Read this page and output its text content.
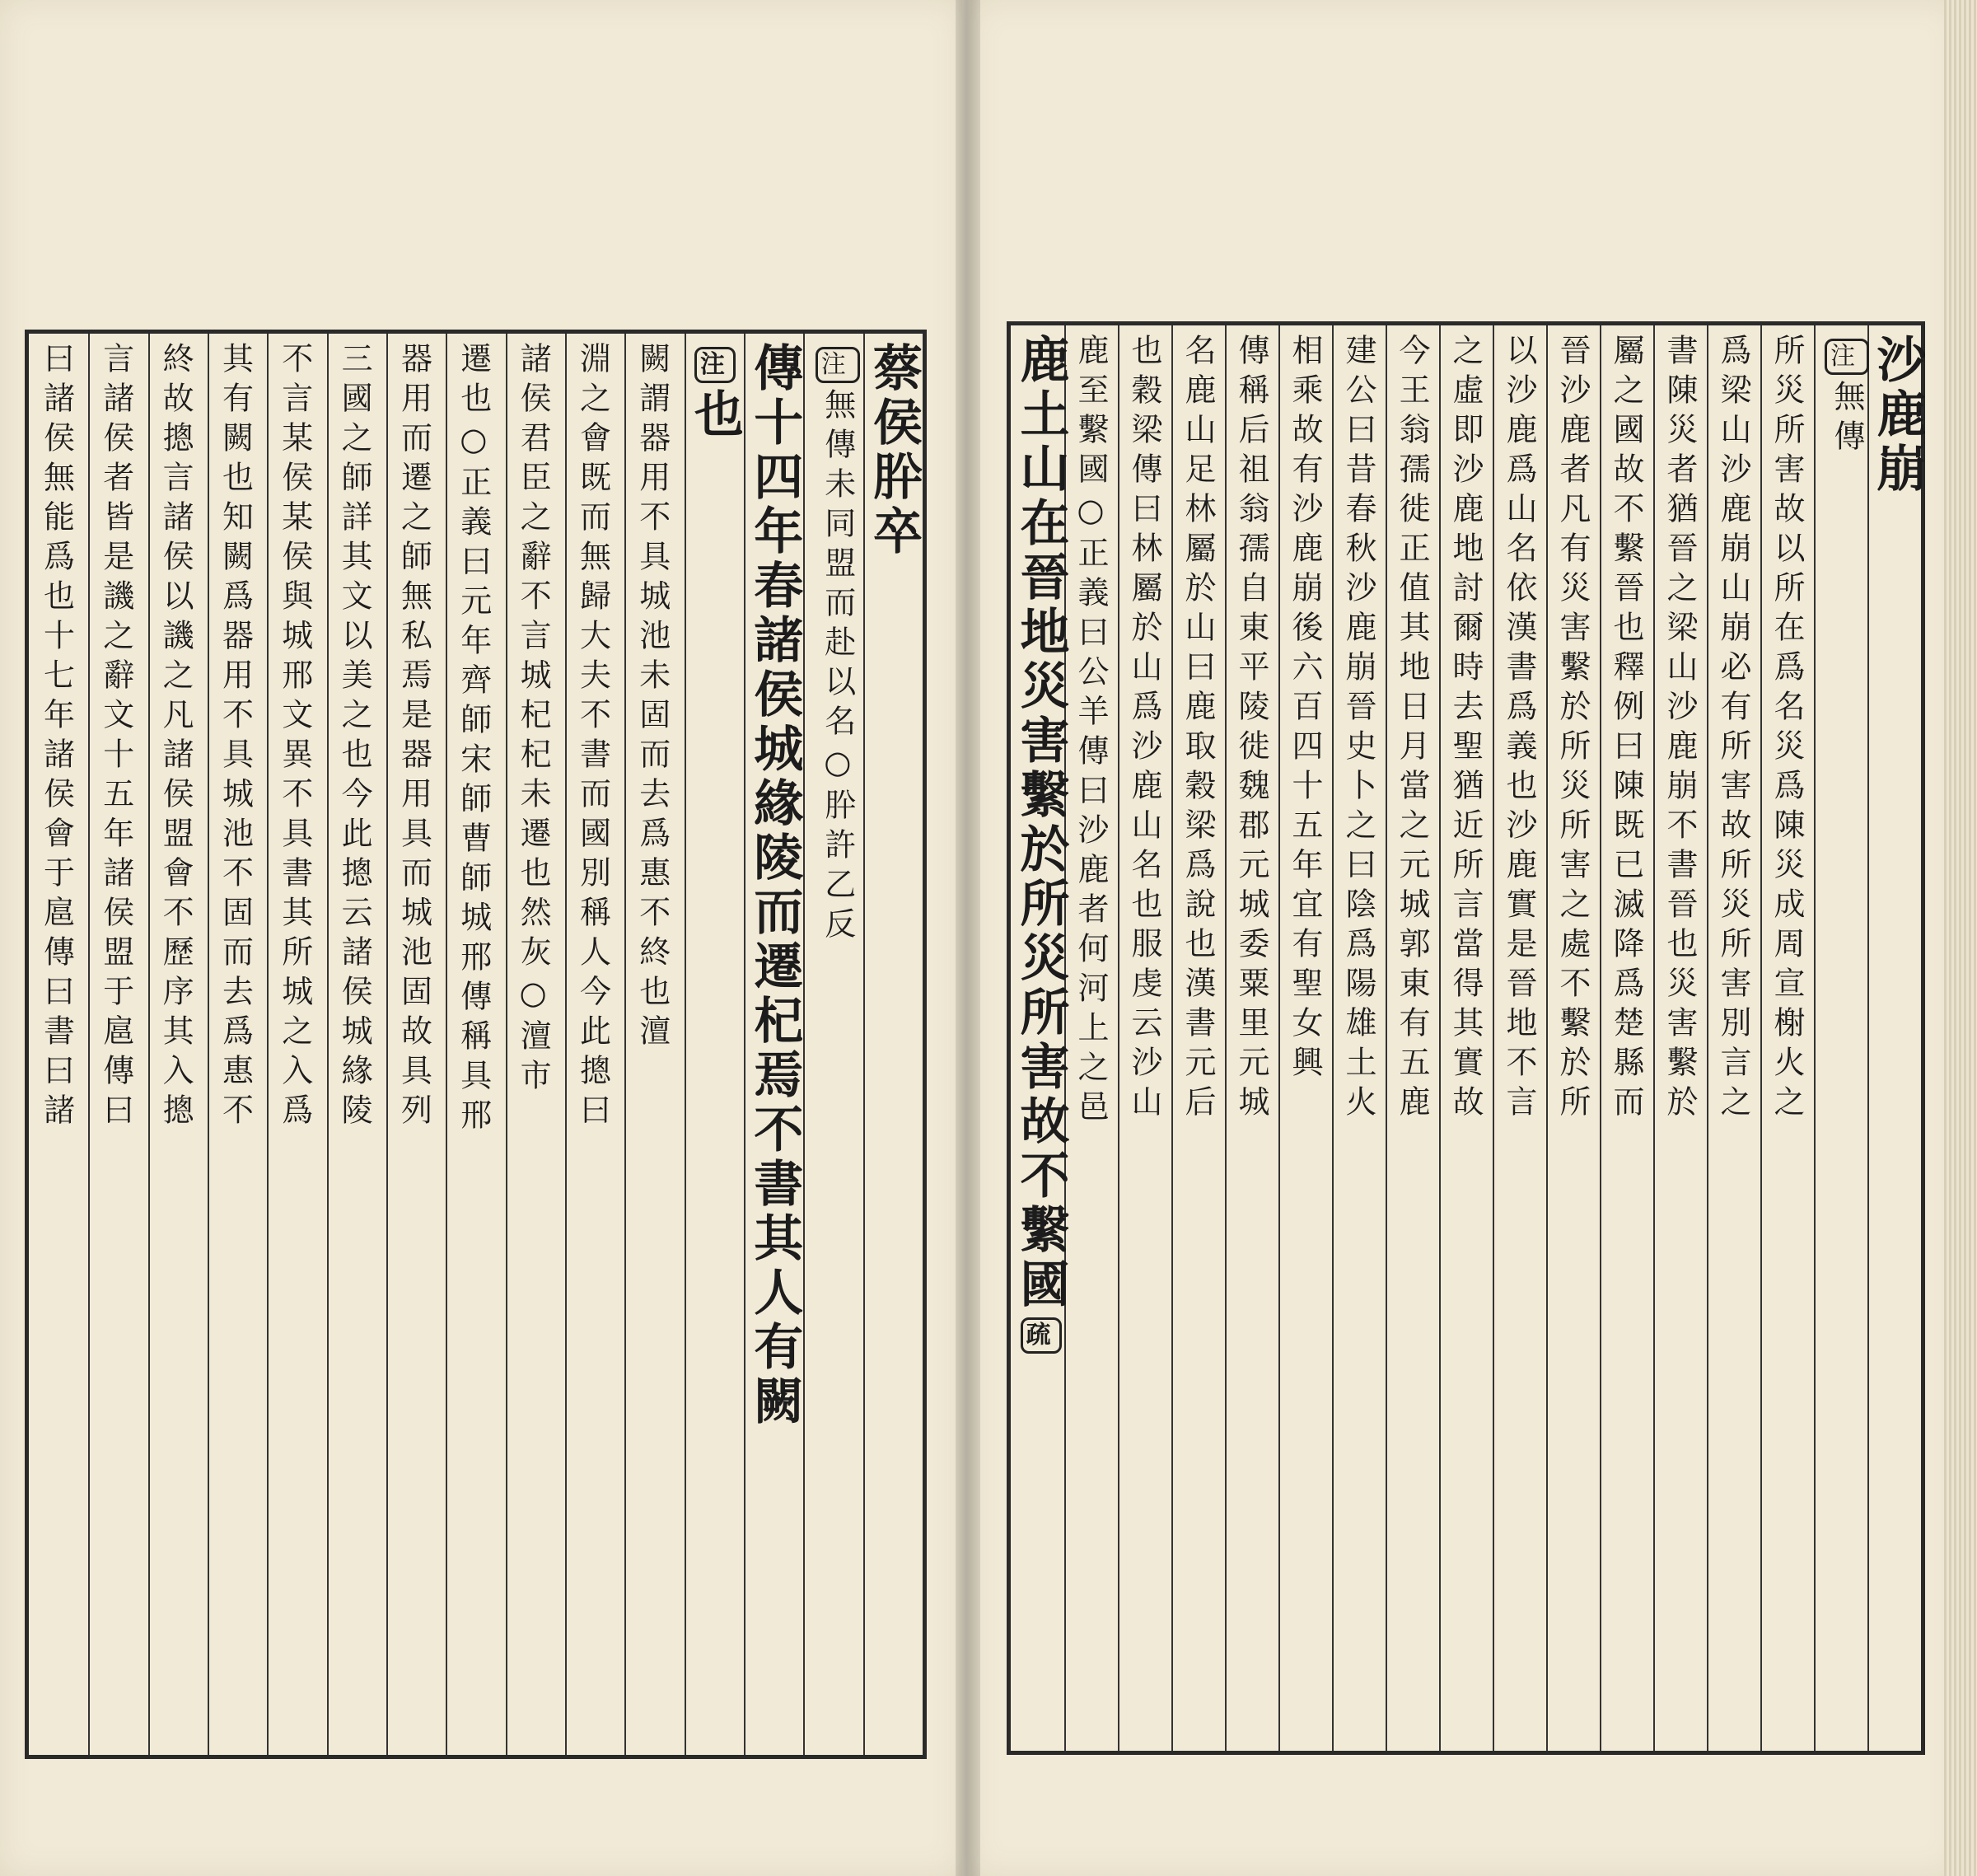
蔡侯肸卒
注無傳未同盟而赴以名○肸許乙反
傳十四年春諸侯城緣陵而遷杞焉不書其人有闕
注也
闕謂器用不具城池未固而去爲惠不終也澶
淵之會既而無歸大夫不書而國別稱人今此摠曰
諸侯君臣之辭不言城杞杞未遷也然灰○澶市
遷也○正義曰元年齊師宋師曹師城邢傳稱具邢
器用而遷之師無私焉是器用具而城池固故具列
三國之師詳其文以美之也今此摠云諸侯城緣陵
不言某侯某侯與城邢文異不具書其所城之入爲
其有闕也知闕爲器用不具城池不固而去爲惠不
終故摠言諸侯以譏之凡諸侯盟會不歷序其入摠
言諸侯者皆是譏之辭文十五年諸侯盟于扈傳曰
曰諸侯無能爲也十七年諸侯會于扈傳曰書曰諸	沙鹿崩
注無傳
所災所害故以所在爲名災爲陳災成周宣榭火之
爲梁山沙鹿崩山崩必有所害故所災所害別言之
書陳災者猶晉之梁山沙鹿崩不書晉也災害繫於
屬之國故不繫晉也釋例曰陳既已滅降爲楚縣而
晉沙鹿者凡有災害繫於所災所害之處不繫於所
以沙鹿爲山名依漢書爲義也沙鹿實是晉地不言
之虛即沙鹿地討爾時去聖猶近所言當得其實故
今王翁孺徙正值其地日月當之元城郭東有五鹿
建公曰昔春秋沙鹿崩晉史卜之曰陰爲陽雄土火
相乘故有沙鹿崩後六百四十五年宜有聖女興
傳稱后祖翁孺自東平陵徙魏郡元城委粟里元城
名鹿山足林屬於山曰鹿取穀梁爲說也漢書元后
也穀梁傳曰林屬於山爲沙鹿山名也服虔云沙山
鹿至繫國○正義曰公羊傳曰沙鹿者何河上之邑
鹿土山在晉地災害繫於所災所害故不繫國疏
